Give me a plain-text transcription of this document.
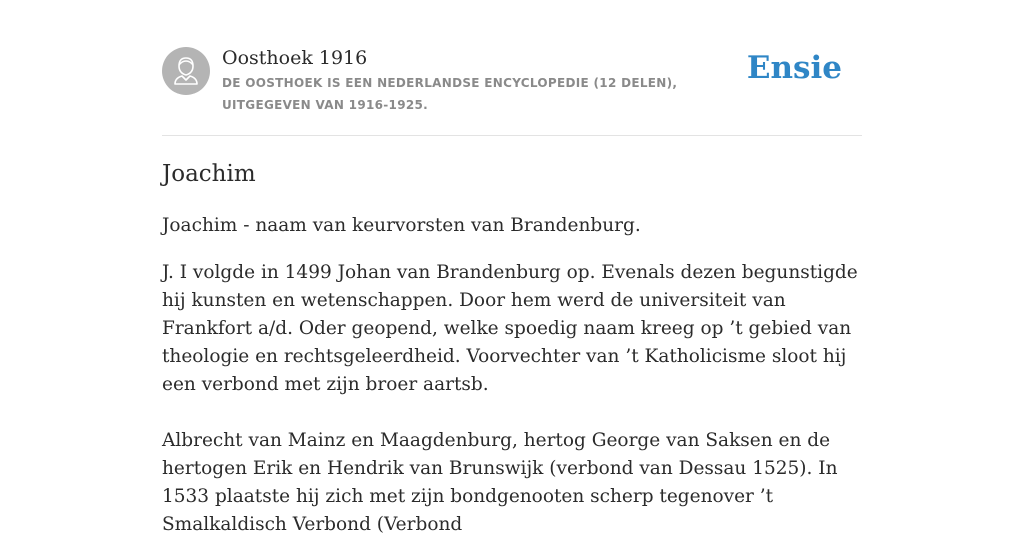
Oosthoek 1916
DE OOSTHOEK IS EEN NEDERLANDSE ENCYCLOPEDIE (12 DELEN), UITGEGEVEN VAN 1916-1925.
Ensie
Joachim

Joachim - naam van keurvorsten van Brandenburg.

J. I volgde in 1499 Johan van Brandenburg op. Evenals dezen begunstigde hij kunsten en wetenschappen. Door hem werd de universiteit van Frankfort a/d. Oder geopend, welke spoedig naam kreeg op ’t gebied van theologie en rechtsgeleerdheid. Voorvechter van ’t Katholicisme sloot hij een verbond met zijn broer aartsb.

Albrecht van Mainz en Maagdenburg, hertog George van Saksen en de hertogen Erik en Hendrik van Brunswijk (verbond van Dessau 1525). In 1533 plaatste hij zich met zijn bondgenooten scherp tegenover ’t Smalkaldisch Verbond (Verbond
